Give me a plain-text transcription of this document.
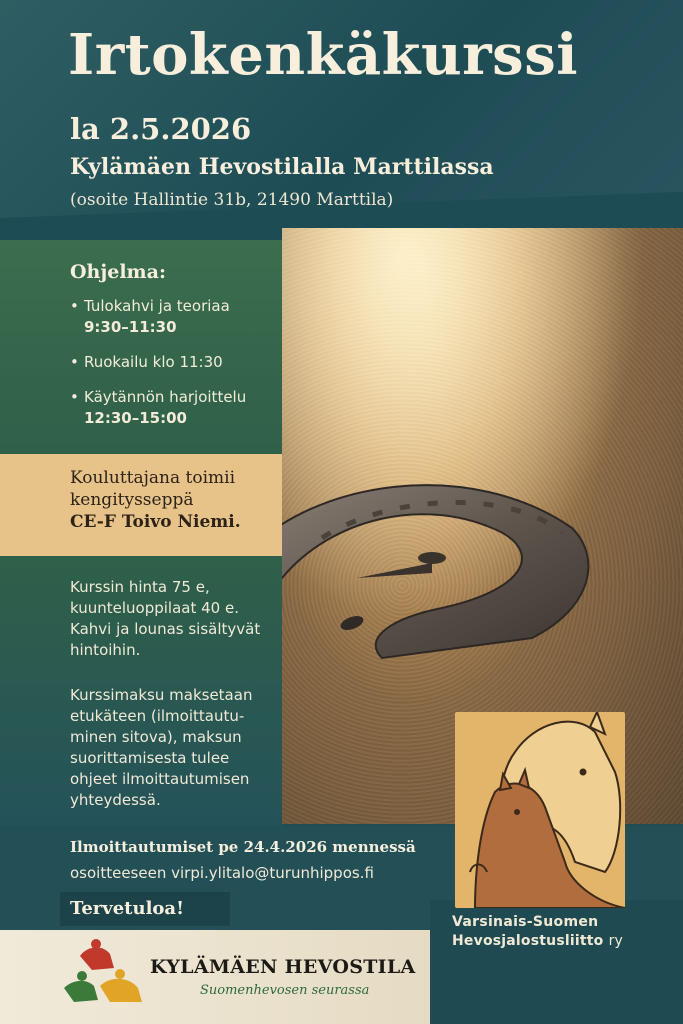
Irtokenkäkurssi
la 2.5.2026
Kylämäen Hevostilalla Marttilassa
(osoite Hallintie 31b, 21490 Marttila)
Ohjelma:
• Tulokahvi ja teoriaa
9:30–11:30
• Ruokailu klo 11:30
• Käytännön harjoittelu
12:30–15:00
Kouluttajana toimii
kengitysseppä
CE-F Toivo Niemi.
Kurssin hinta 75 e, kuunteluoppilaat 40 e. Kahvi ja lounas sisältyvät hintoihin.
Kurssimaksu maksetaan etukäteen (ilmoittautu-minen sitova), maksun suorittamisesta tulee ohjeet ilmoittautumisen yhteydessä.
Ilmoittautumiset pe 24.4.2026 mennessä
osoitteeseen virpi.ylitalo@turunhippos.fi
Tervetuloa!
Varsinais-Suomen
Hevosjalostusliitto ry
KYLÄMÄEN HEVOSTILA
Suomenhevosen seurassa
